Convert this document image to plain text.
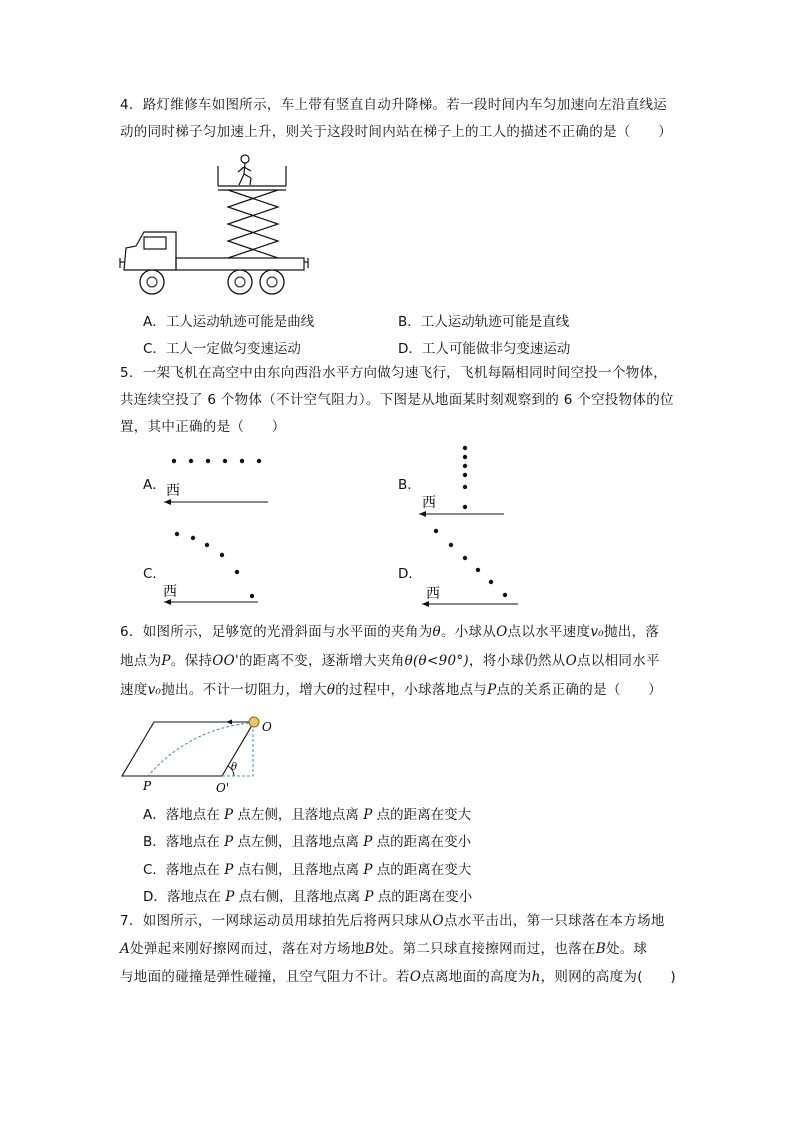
4．路灯维修车如图所示，车上带有竖直自动升降梯。若一段时间内车匀加速向左沿直线运

动的同时梯子匀加速上升，则关于这段时间内站在梯子上的工人的描述不正确的是（　　）

A．工人运动轨迹可能是曲线	B．工人运动轨迹可能是直线
C．工人一定做匀变速运动	D．工人可能做非匀变速运动

5．一架飞机在高空中由东向西沿水平方向做匀速飞行，飞机每隔相同时间空投一个物体，

共连续空投了 6 个物体（不计空气阻力）。下图是从地面某时刻观察到的 6 个空投物体的位

置，其中正确的是（　　）

A．	B．
C．	D．
西
西
西	西

6．如图所示，足够宽的光滑斜面与水平面的夹角为θ。小球从O点以水平速度v₀抛出，落

地点为P。保持OO'的距离不变，逐渐增大夹角θ(θ<90°)，将小球仍然从O点以相同水平

速度v₀抛出。不计一切阻力，增大θ的过程中，小球落地点与P点的关系正确的是（　　）

O
θ
P	O'
A．落地点在 P 点左侧，且落地点离 P 点的距离在变大
B．落地点在 P 点左侧，且落地点离 P 点的距离在变小
C．落地点在 P 点右侧，且落地点离 P 点的距离在变大
D．落地点在 P 点右侧，且落地点离 P 点的距离在变小

7．如图所示，一网球运动员用球拍先后将两只球从O点水平击出，第一只球落在本方场地

A处弹起来刚好擦网而过，落在对方场地B处。第二只球直接擦网而过，也落在B处。球

与地面的碰撞是弹性碰撞，且空气阻力不计。若O点离地面的高度为h，则网的高度为(　　)
